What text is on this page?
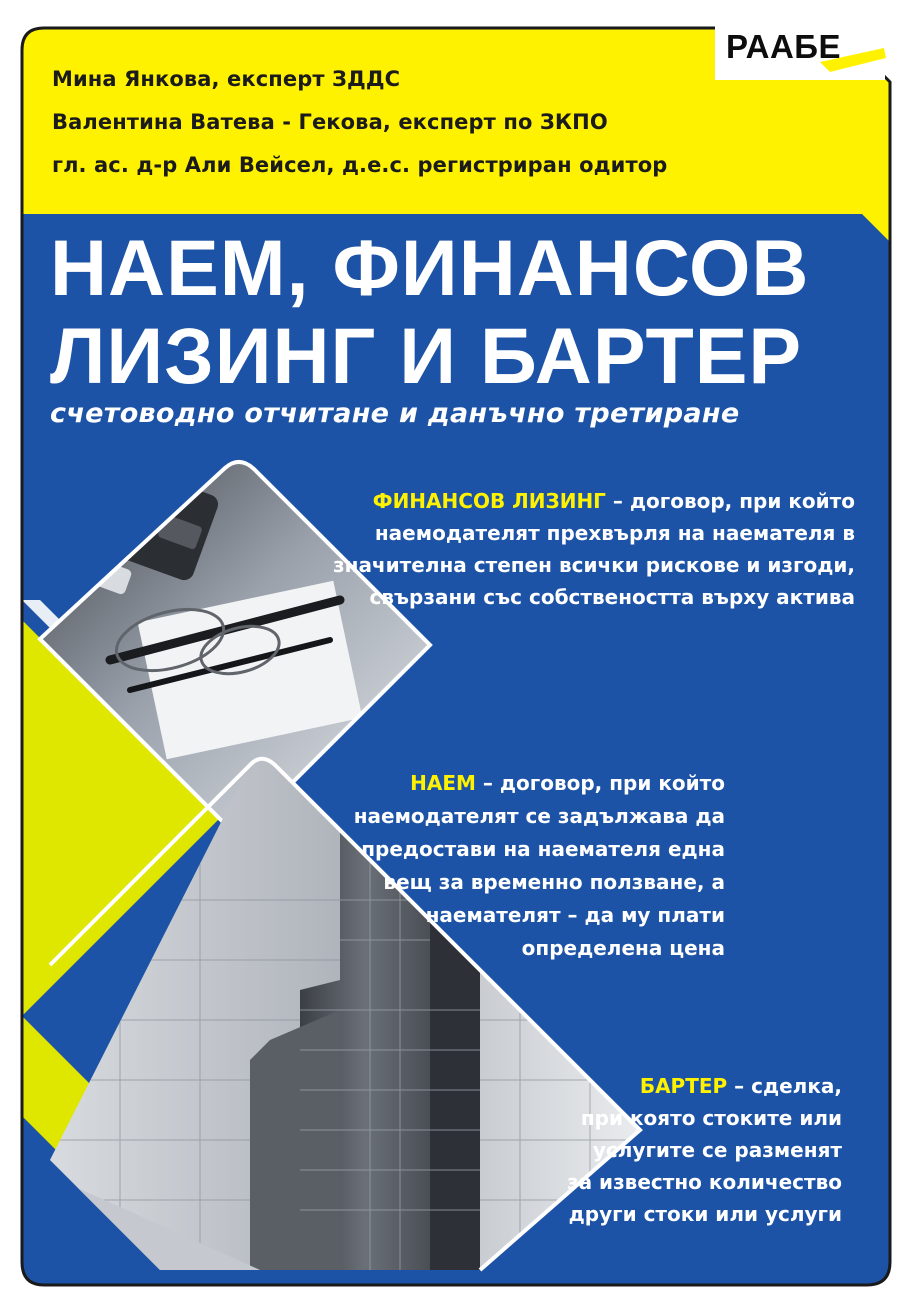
РААБЕ
Мина Янкова, експерт ЗДДС
Валентина Ватева - Гекова, експерт по ЗКПО
гл. ас. д-р Али Вейсел, д.е.с. регистриран одитор
НАЕМ, ФИНАНСОВ
ЛИЗИНГ И БАРТЕР
счетоводно отчитане и данъчно третиране
ФИНАНСОВ ЛИЗИНГ – договор, при който
наемодателят прехвърля на наемателя в
значителна степен всички рискове и изгоди,
свързани със собствеността върху актива
НАЕМ – договор, при който
наемодателят се задължава да
предостави на наемателя една
вещ за временно ползване, а
наемателят – да му плати
определена цена
БАРТЕР – сделка,
при която стоките или
услугите се разменят
за известно количество
други стоки или услуги
